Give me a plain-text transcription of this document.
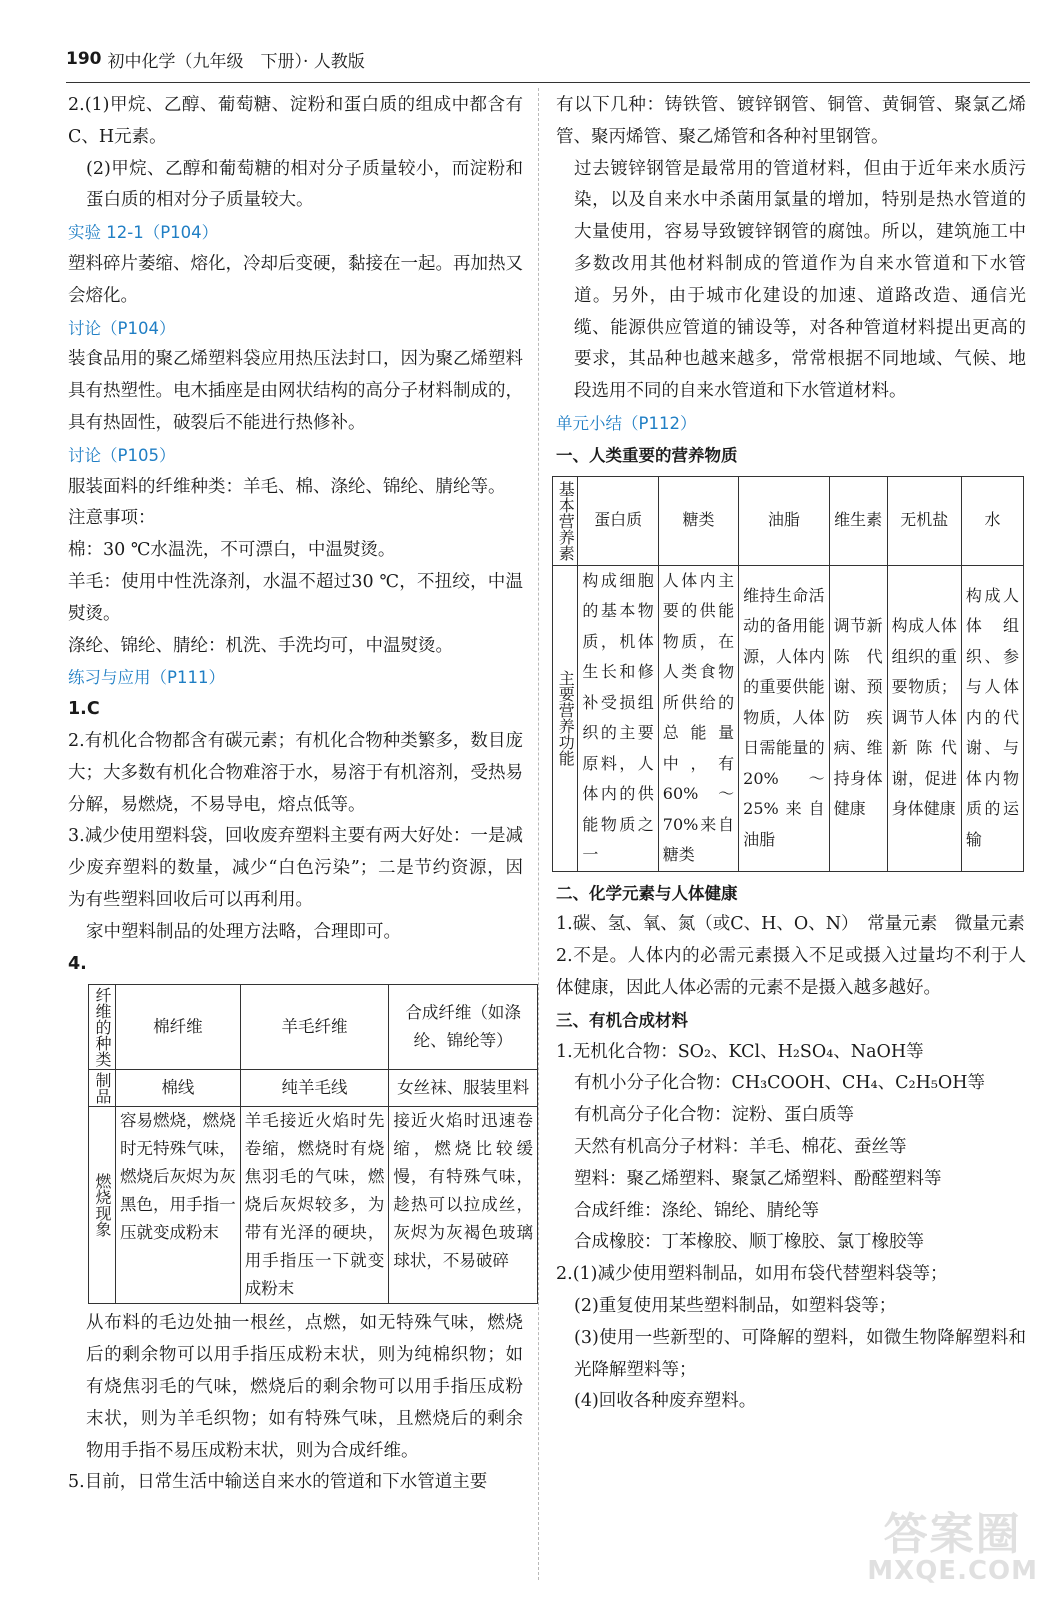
190 初中化学（九年级　下册）· 人教版

2.(1)甲烷、乙醇、葡萄糖、淀粉和蛋白质的组成中都含有C、H元素。

(2)甲烷、乙醇和葡萄糖的相对分子质量较小，而淀粉和蛋白质的相对分子质量较大。

实验 12-1（P104）

塑料碎片萎缩、熔化，冷却后变硬，黏接在一起。再加热又会熔化。

讨论（P104）

装食品用的聚乙烯塑料袋应用热压法封口，因为聚乙烯塑料具有热塑性。电木插座是由网状结构的高分子材料制成的，具有热固性，破裂后不能进行热修补。

讨论（P105）

服装面料的纤维种类：羊毛、棉、涤纶、锦纶、腈纶等。

注意事项：

棉：30 ℃水温洗，不可漂白，中温熨烫。

羊毛：使用中性洗涤剂，水温不超过30 ℃，不扭绞，中温熨烫。

涤纶、锦纶、腈纶：机洗、手洗均可，中温熨烫。

练习与应用（P111）

1.C

2.有机化合物都含有碳元素；有机化合物种类繁多，数目庞大；大多数有机化合物难溶于水，易溶于有机溶剂，受热易分解，易燃烧，不易导电，熔点低等。

3.减少使用塑料袋，回收废弃塑料主要有两大好处：一是减少废弃塑料的数量，减少“白色污染”；二是节约资源，因为有些塑料回收后可以再利用。

家中塑料制品的处理方法略，合理即可。

4.

纤维的种类	棉纤维	羊毛纤维	合成纤维（如涤纶、锦纶等）

制品	棉线	纯羊毛线	女丝袜、服装里料

燃烧现象	容易燃烧，燃烧时无特殊气味，燃烧后灰烬为灰黑色，用手指一压就变成粉末	羊毛接近火焰时先卷缩，燃烧时有烧焦羽毛的气味，燃烧后灰烬较多，为带有光泽的硬块，用手指压一下就变成粉末	接近火焰时迅速卷缩，燃烧比较缓慢，有特殊气味，趁热可以拉成丝，灰烬为灰褐色玻璃球状，不易破碎

从布料的毛边处抽一根丝，点燃，如无特殊气味，燃烧后的剩余物可以用手指压成粉末状，则为纯棉织物；如有烧焦羽毛的气味，燃烧后的剩余物可以用手指压成粉末状，则为羊毛织物；如有特殊气味，且燃烧后的剩余物用手指不易压成粉末状，则为合成纤维。

5.目前，日常生活中输送自来水的管道和下水管道主要

有以下几种：铸铁管、镀锌钢管、铜管、黄铜管、聚氯乙烯管、聚丙烯管、聚乙烯管和各种衬里钢管。

过去镀锌钢管是最常用的管道材料，但由于近年来水质污染，以及自来水中杀菌用氯量的增加，特别是热水管道的大量使用，容易导致镀锌钢管的腐蚀。所以，建筑施工中多数改用其他材料制成的管道作为自来水管道和下水管道。另外，由于城市化建设的加速、道路改造、通信光缆、能源供应管道的铺设等，对各种管道材料提出更高的要求，其品种也越来越多，常常根据不同地域、气候、地段选用不同的自来水管道和下水管道材料。

单元小结（P112）

一、人类重要的营养物质

基本营养素	蛋白质	糖类	油脂	维生素	无机盐	水

主要营养功能	构成细胞的基本物质，机体生长和修补受损组织的主要原料，人体内的供能物质之一	人体内主要的供能物质，在人类食物所供给的总能量中，有60%～70%来自糖类	维持生命活动的备用能源，人体内的重要供能物质，人体日需能量的20%～25%来自油脂	调节新陈代谢、预防疾病、维持身体健康	构成人体组织的重要物质；调节人体新陈代谢，促进身体健康	构成人体组织、参与人体内的代谢、与体内物质的运输

二、化学元素与人体健康

1.碳、氢、氧、氮（或C、H、O、N）　常量元素　微量元素

2.不是。人体内的必需元素摄入不足或摄入过量均不利于人体健康，因此人体必需的元素不是摄入越多越好。

三、有机合成材料

1.无机化合物：SO₂、KCl、H₂SO₄、NaOH等

有机小分子化合物：CH₃COOH、CH₄、C₂H₅OH等

有机高分子化合物：淀粉、蛋白质等

天然有机高分子材料：羊毛、棉花、蚕丝等

塑料：聚乙烯塑料、聚氯乙烯塑料、酚醛塑料等

合成纤维：涤纶、锦纶、腈纶等

合成橡胶：丁苯橡胶、顺丁橡胶、氯丁橡胶等

2.(1)减少使用塑料制品，如用布袋代替塑料袋等；

(2)重复使用某些塑料制品，如塑料袋等；

(3)使用一些新型的、可降解的塑料，如微生物降解塑料和光降解塑料等；

(4)回收各种废弃塑料。

答案圈
MXQE.COM
